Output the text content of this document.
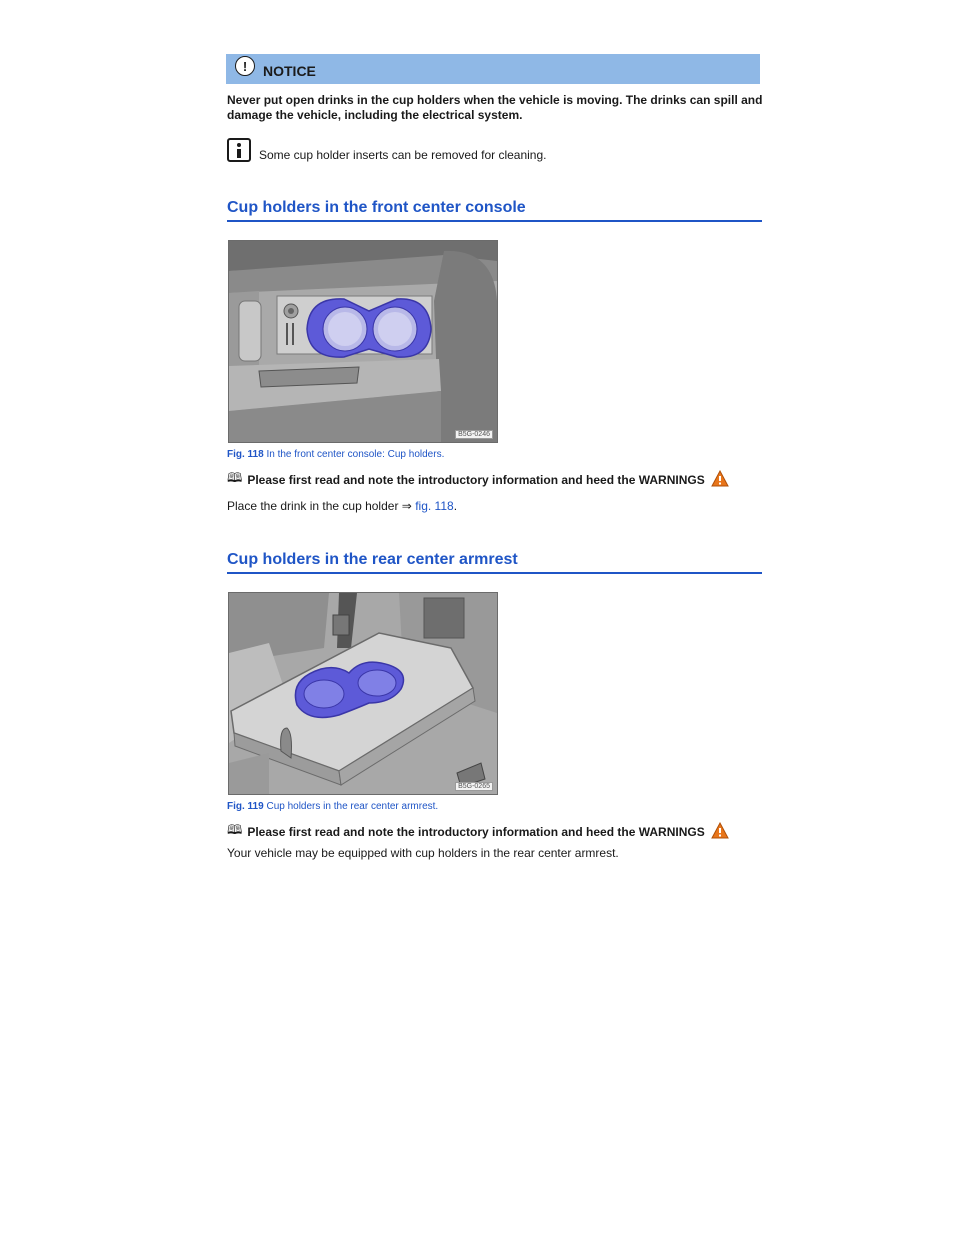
!	NOTICE
Never put open drinks in the cup holders when the vehicle is moving. The drinks can spill and damage the vehicle, including the electrical system.
Some cup holder inserts can be removed for cleaning.
Cup holders in the front center console
B5G-0246
Fig. 118 In the front center console: Cup holders.
🕮 Please first read and note the introductory information and heed the WARNINGS
Place the drink in the cup holder ⇒ fig. 118.
Cup holders in the rear center armrest
B5G-0265
Fig. 119 Cup holders in the rear center armrest.
🕮 Please first read and note the introductory information and heed the WARNINGS
Your vehicle may be equipped with cup holders in the rear center armrest.
